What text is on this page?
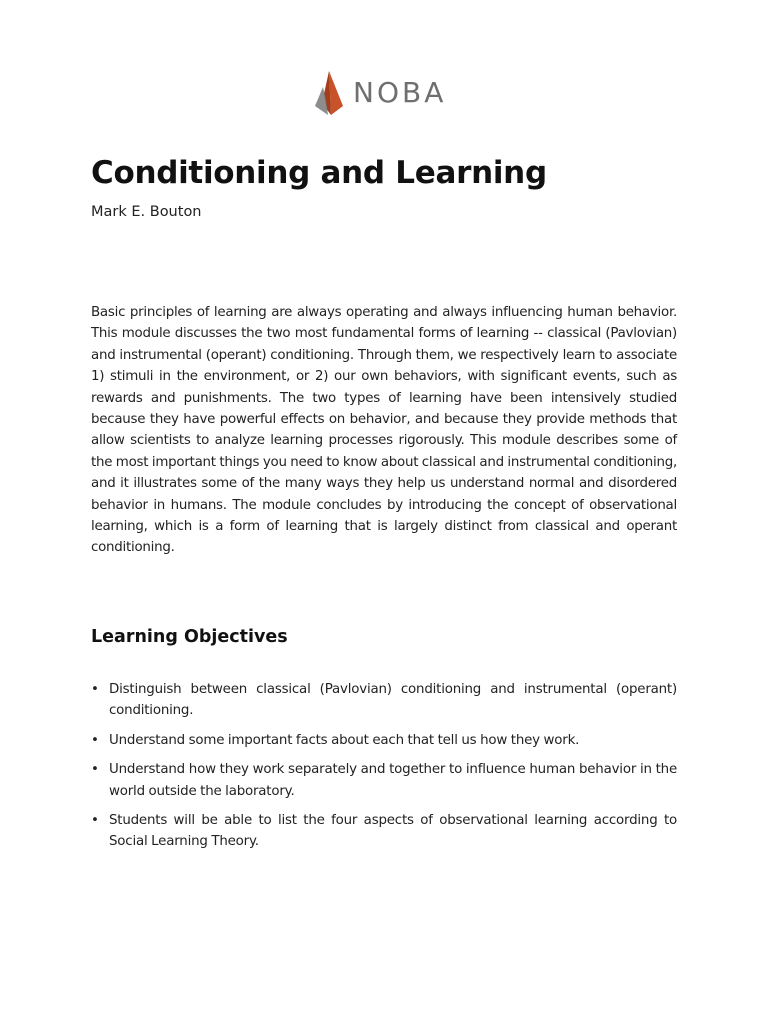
NOBA
Conditioning and Learning

Mark E. Bouton

Basic principles of learning are always operating and always influencing human behavior. This module discusses the two most fundamental forms of learning -- classical (Pavlovian) and instrumental (operant) conditioning. Through them, we respectively learn to associate 1) stimuli in the environment, or 2) our own behaviors, with significant events, such as rewards and punishments. The two types of learning have been intensively studied because they have powerful effects on behavior, and because they provide methods that allow scientists to analyze learning processes rigorously. This module describes some of the most important things you need to know about classical and instrumental conditioning, and it illustrates some of the many ways they help us understand normal and disordered behavior in humans. The module concludes by introducing the concept of observational learning, which is a form of learning that is largely distinct from classical and operant conditioning.

Learning Objectives
• Distinguish between classical (Pavlovian) conditioning and instrumental (operant) conditioning.
• Understand some important facts about each that tell us how they work.
• Understand how they work separately and together to influence human behavior in the world outside the laboratory.
• Students will be able to list the four aspects of observational learning according to Social Learning Theory.
